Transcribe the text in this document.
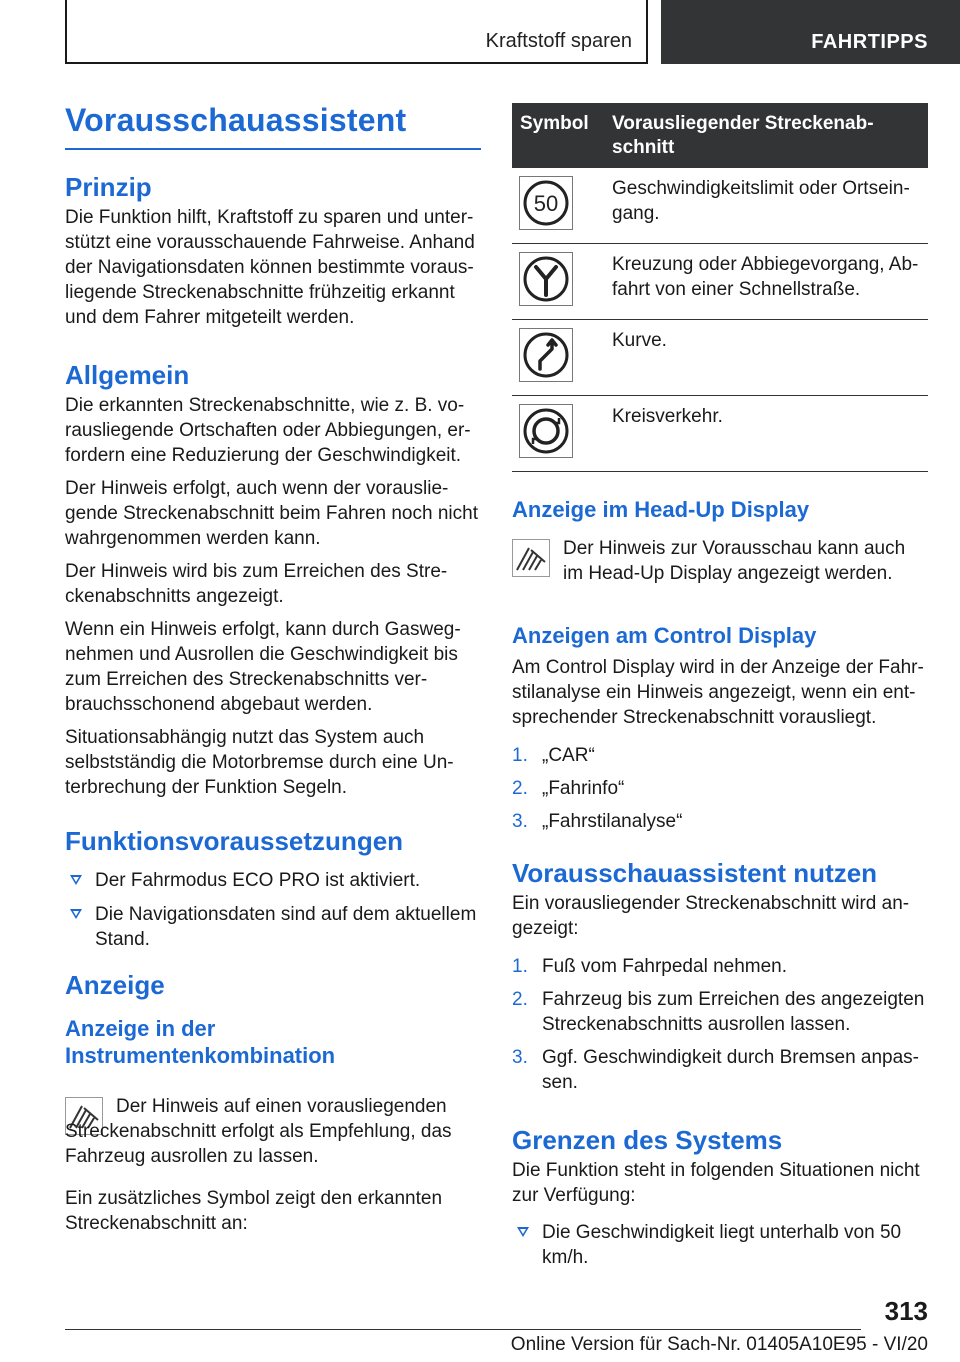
Kraftstoff sparen	FAHRTIPPS
Vorausschauassistent
Prinzip

Die Funktion hilft, Kraftstoff zu sparen und unter-stützt eine vorausschauende Fahrweise. Anhand der Navigationsdaten können bestimmte voraus-liegende Streckenabschnitte frühzeitig erkannt und dem Fahrer mitgeteilt werden.

Allgemein

Die erkannten Streckenabschnitte, wie z. B. vo-rausliegende Ortschaften oder Abbiegungen, er-fordern eine Reduzierung der Geschwindigkeit.

Der Hinweis erfolgt, auch wenn der vorauslie-gende Streckenabschnitt beim Fahren noch nicht wahrgenommen werden kann.

Der Hinweis wird bis zum Erreichen des Stre-ckenabschnitts angezeigt.

Wenn ein Hinweis erfolgt, kann durch Gasweg-nehmen und Ausrollen die Geschwindigkeit bis zum Erreichen des Streckenabschnitts ver-brauchsschonend abgebaut werden.

Situationsabhängig nutzt das System auch selbstständig die Motorbremse durch eine Un-terbrechung der Funktion Segeln.

Funktionsvoraussetzungen
Der Fahrmodus ECO PRO ist aktiviert.
Die Navigationsdaten sind auf dem aktuellem Stand.
Anzeige
Anzeige in der Instrumentenkombination

Der Hinweis auf einen vorausliegenden Streckenabschnitt erfolgt als Empfehlung, das Fahrzeug ausrollen zu lassen.

Ein zusätzliches Symbol zeigt den erkannten Streckenabschnitt an:

Symbol	Vorausliegender Streckenab-schnitt

50	Geschwindigkeitslimit oder Ortsein-gang.

	Kreuzung oder Abbiegevorgang, Ab-fahrt von einer Schnellstraße.

	Kurve.

	Kreisverkehr.
Anzeige im Head-Up Display

Der Hinweis zur Vorausschau kann auch im Head-Up Display angezeigt werden.

Anzeigen am Control Display

Am Control Display wird in der Anzeige der Fahr-stilanalyse ein Hinweis angezeigt, wenn ein ent-sprechender Streckenabschnitt vorausliegt.

1. „CAR“
2. „Fahrinfo“
3. „Fahrstilanalyse“
Vorausschauassistent nutzen

Ein vorausliegender Streckenabschnitt wird an-gezeigt:

1. Fuß vom Fahrpedal nehmen.
2. Fahrzeug bis zum Erreichen des angezeigten Streckenabschnitts ausrollen lassen.
3. Ggf. Geschwindigkeit durch Bremsen anpas-sen.
Grenzen des Systems

Die Funktion steht in folgenden Situationen nicht zur Verfügung:

Die Geschwindigkeit liegt unterhalb von 50 km/h.
313
Online Version für Sach-Nr. 01405A10E95 - VI/20
